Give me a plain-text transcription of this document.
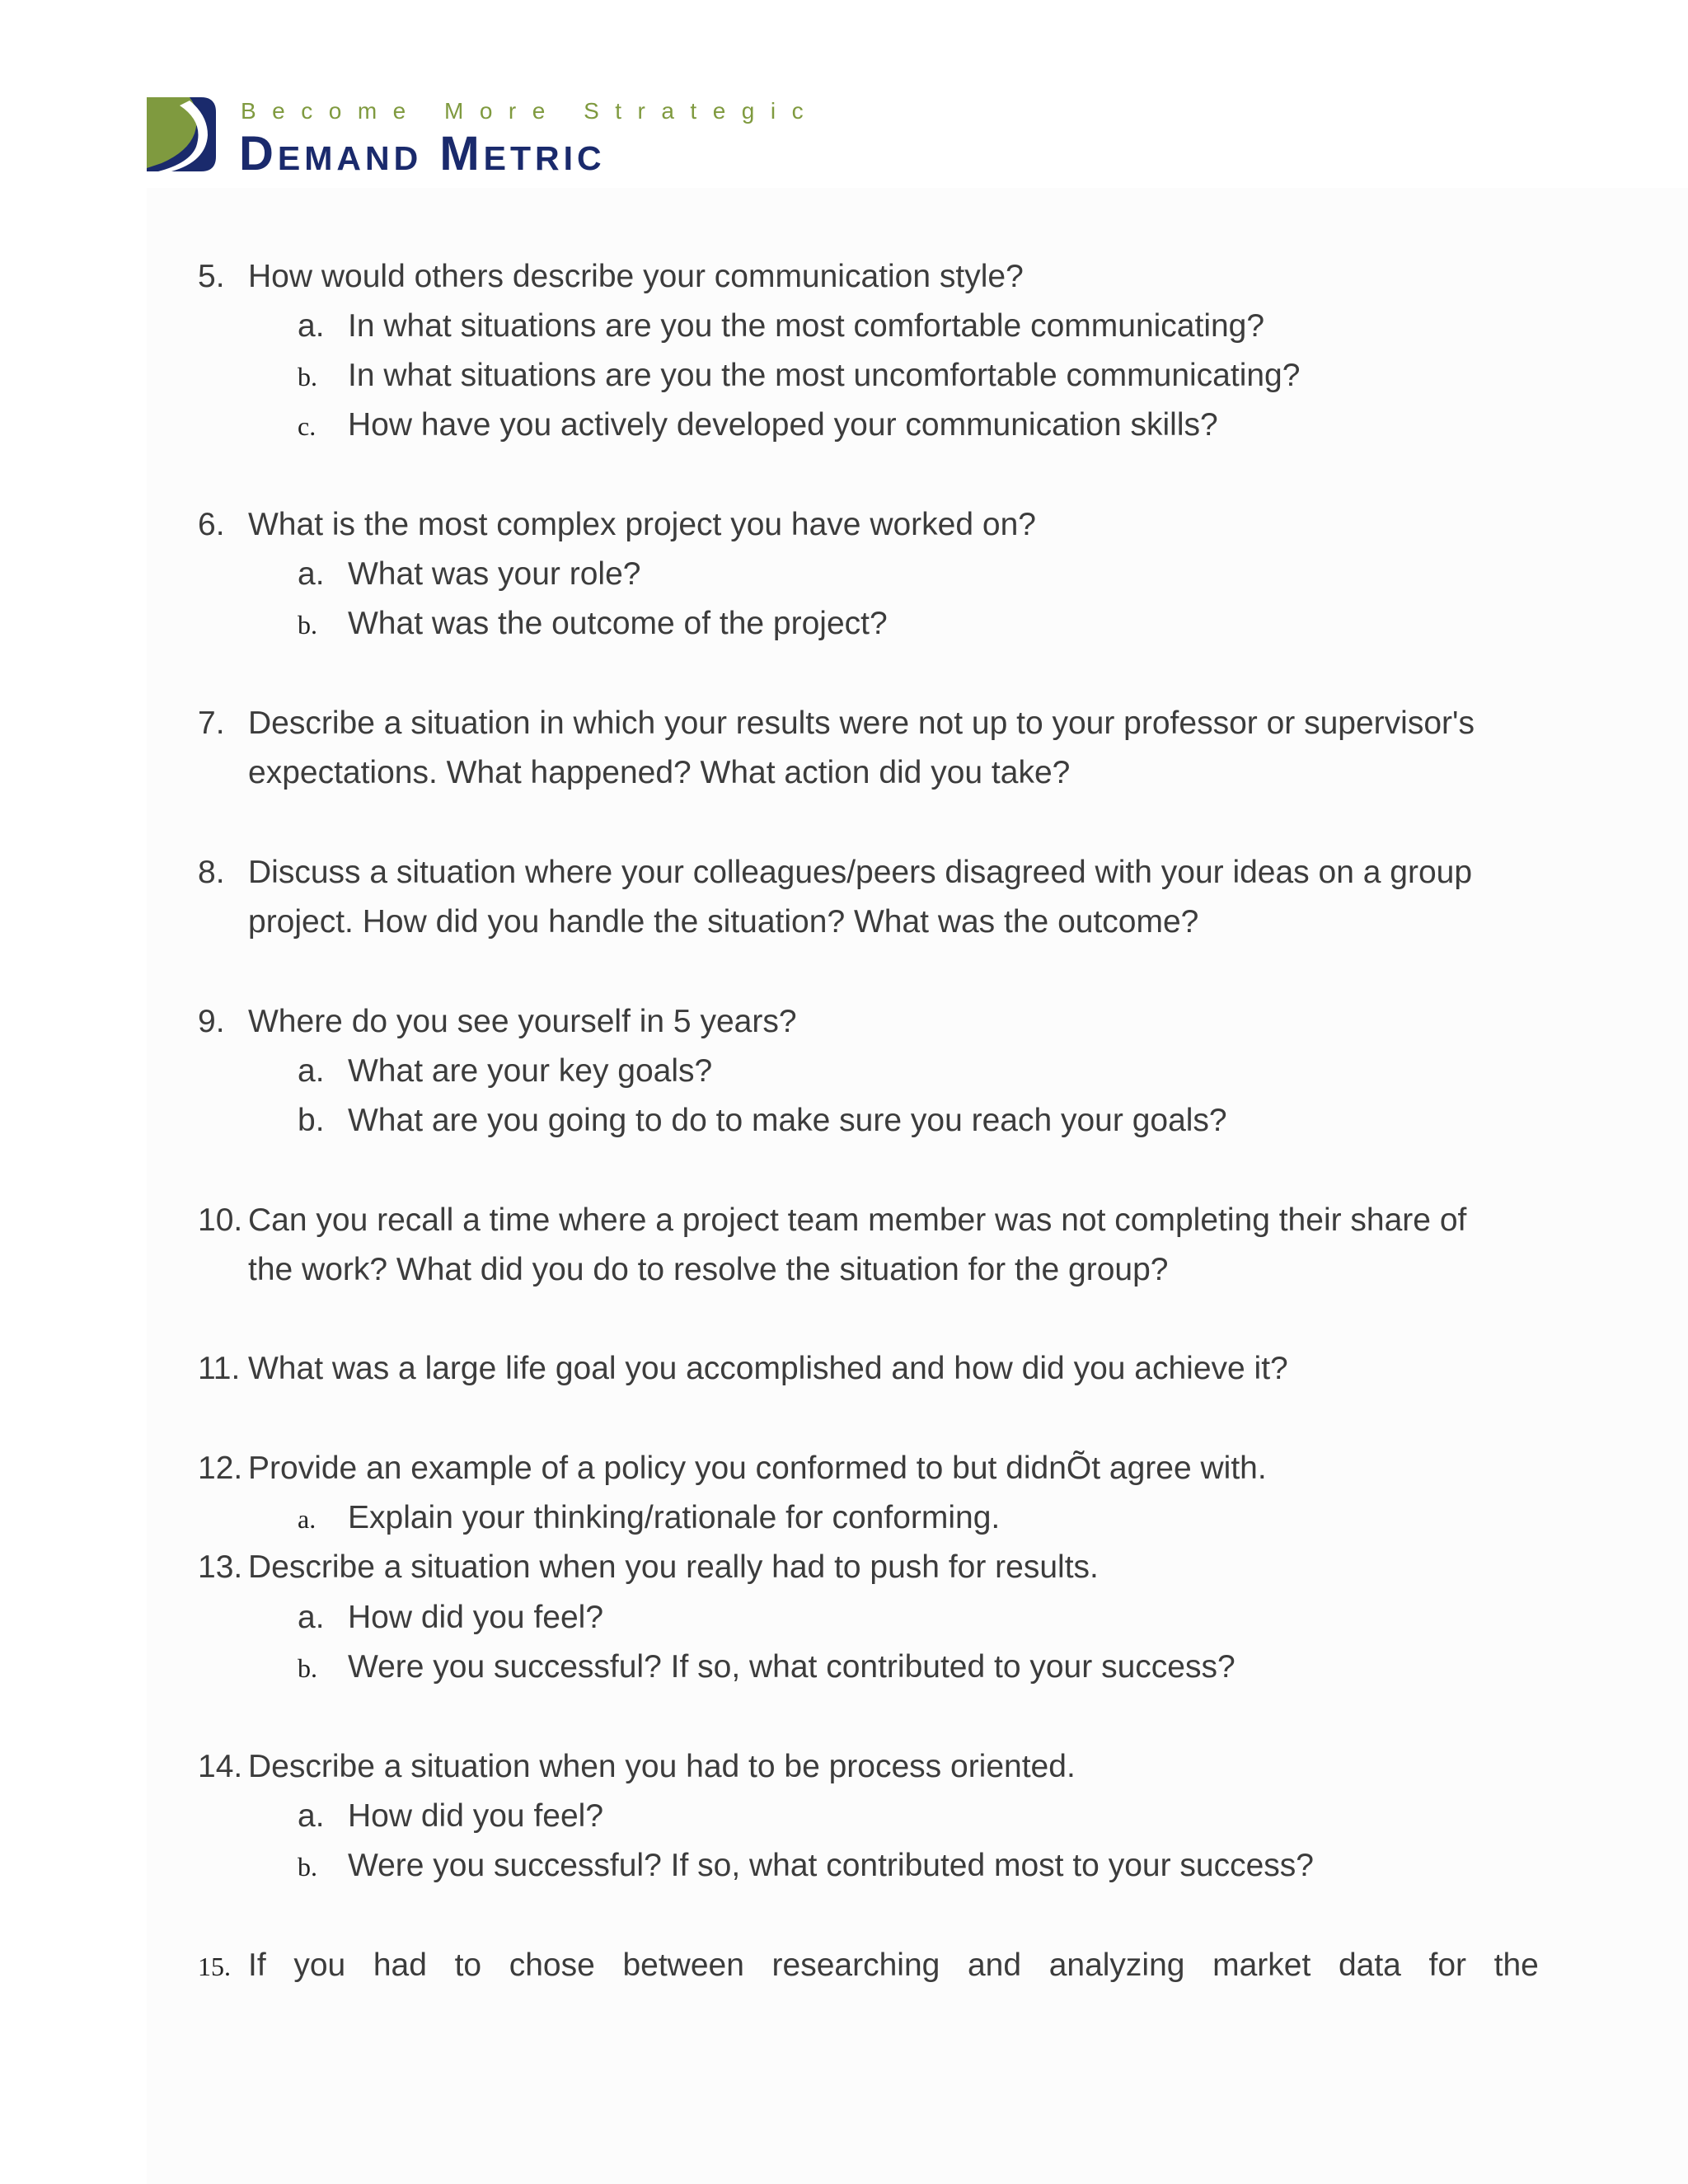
Become More Strategic
Demand Metric
5. How would others describe your communication style?
a. In what situations are you the most comfortable communicating?
b. In what situations are you the most uncomfortable communicating?
c. How have you actively developed your communication skills?
6. What is the most complex project you have worked on?
a. What was your role?
b. What was the outcome of the project?
7. Describe a situation in which your results were not up to your professor or supervisor's
expectations. What happened? What action did you take?
8. Discuss a situation where your colleagues/peers disagreed with your ideas on a group
project. How did you handle the situation? What was the outcome?
9. Where do you see yourself in 5 years?
a. What are your key goals?
b. What are you going to do to make sure you reach your goals?
10. Can you recall a time where a project team member was not completing their share of
the work? What did you do to resolve the situation for the group?
11. What was a large life goal you accomplished and how did you achieve it?
12. Provide an example of a policy you conformed to but didnÕt agree with.
a. Explain your thinking/rationale for conforming.
13. Describe a situation when you really had to push for results.
a. How did you feel?
b. Were you successful? If so, what contributed to your success?
14. Describe a situation when you had to be process oriented.
a. How did you feel?
b. Were you successful? If so, what contributed most to your success?
15. If you had to chose between researching and analyzing market data for the
